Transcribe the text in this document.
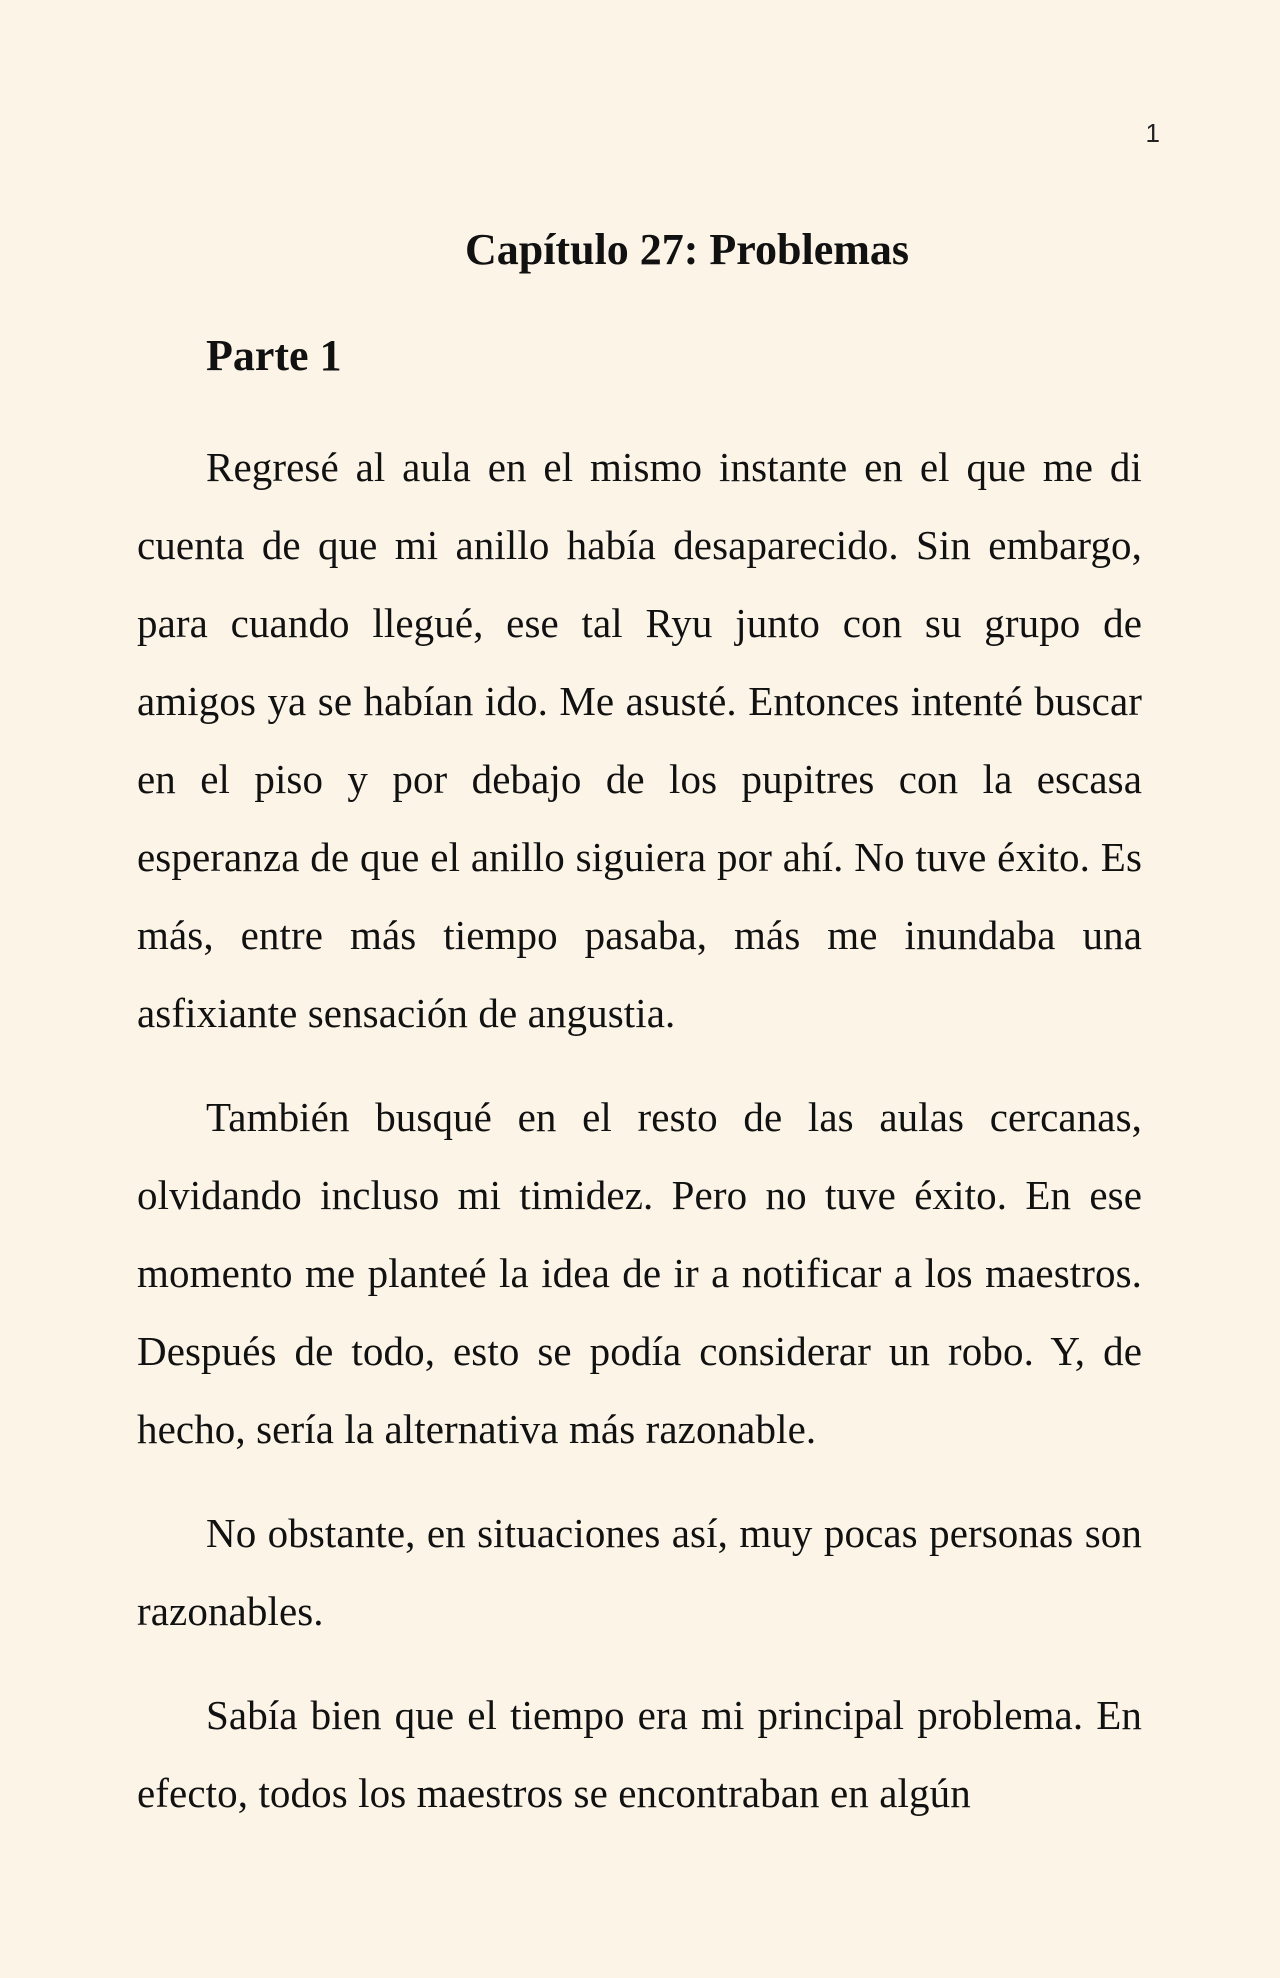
1
Capítulo 27: Problemas
Parte 1

Regresé al aula en el mismo instante en el que me di cuenta de que mi anillo había desaparecido. Sin embargo, para cuando llegué, ese tal Ryu junto con su grupo de amigos ya se habían ido. Me asusté. Entonces intenté buscar en el piso y por debajo de los pupitres con la escasa esperanza de que el anillo siguiera por ahí. No tuve éxito. Es más, entre más tiempo pasaba, más me inundaba una asfixiante sensación de angustia.

También busqué en el resto de las aulas cercanas, olvidando incluso mi timidez. Pero no tuve éxito. En ese momento me planteé la idea de ir a notificar a los maestros. Después de todo, esto se podía considerar un robo. Y, de hecho, sería la alternativa más razonable.

No obstante, en situaciones así, muy pocas personas son razonables.

Sabía bien que el tiempo era mi principal problema. En efecto, todos los maestros se encontraban en algún
